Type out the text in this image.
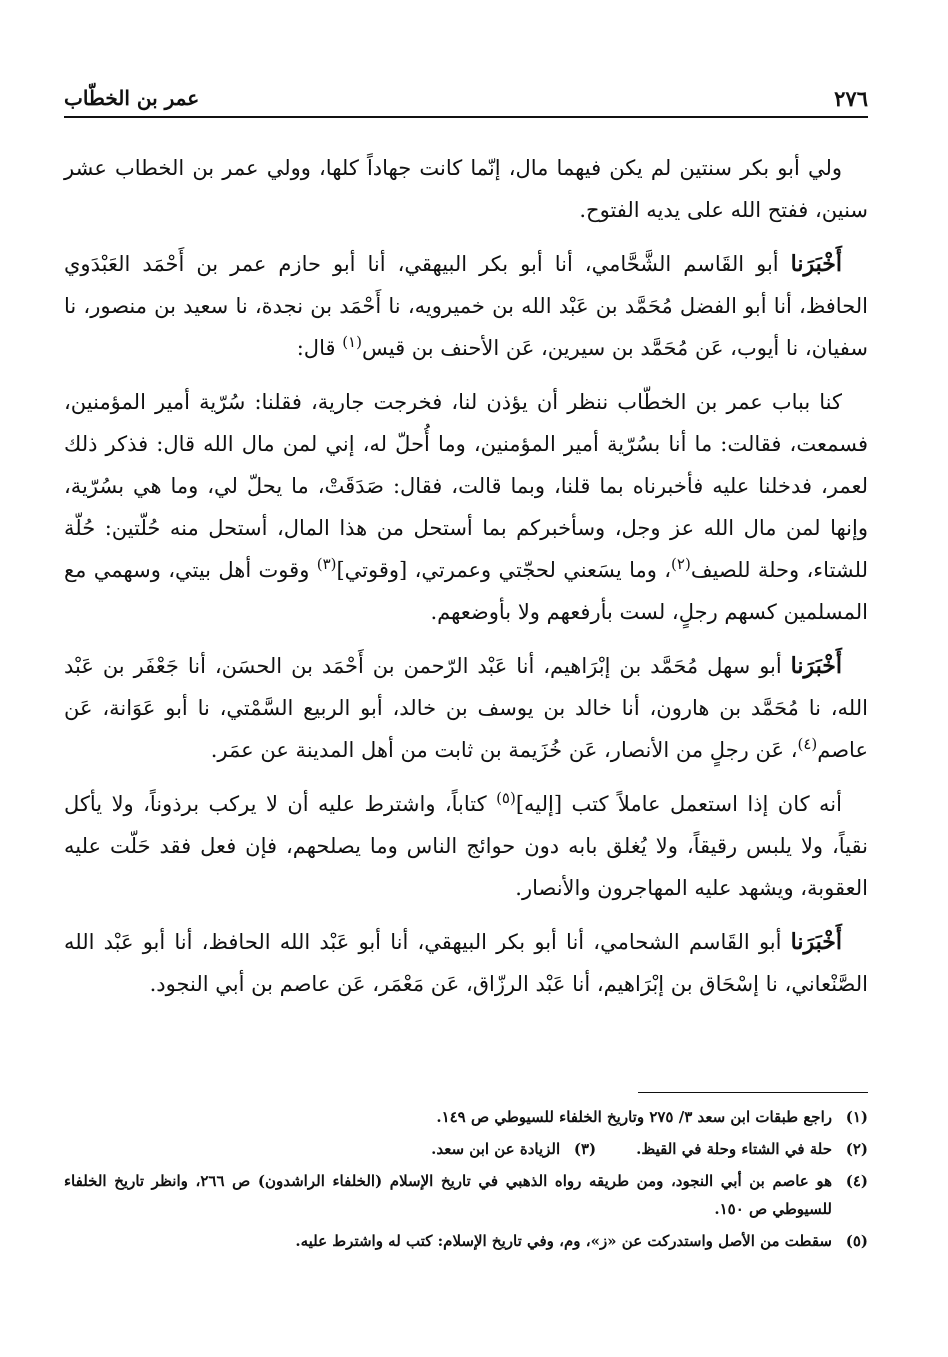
٢٧٦
عمر بن الخطّاب

ولي أبو بكر سنتين لم يكن فيهما مال، إنّما كانت جهاداً كلها، وولي عمر بن الخطاب عشر سنين، ففتح الله على يديه الفتوح.

أَخْبَرَنا أبو القَاسم الشَّحَّامي، أنا أبو بكر البيهقي، أنا أبو حازم عمر بن أَحْمَد العَبْدَوي الحافظ، أنا أبو الفضل مُحَمَّد بن عَبْد الله بن خميرويه، نا أَحْمَد بن نجدة، نا سعيد بن منصور، نا سفيان، نا أيوب، عَن مُحَمَّد بن سيرين، عَن الأحنف بن قيس$^{(١)}$ قال:

كنا بباب عمر بن الخطّاب ننظر أن يؤذن لنا، فخرجت جارية، فقلنا: سُرّية أمير المؤمنين، فسمعت، فقالت: ما أنا بسُرّية أمير المؤمنين، وما أُحلّ له، إني لمن مال الله قال: فذكر ذلك لعمر، فدخلنا عليه فأخبرناه بما قلنا، وبما قالت، فقال: صَدَقَتْ، ما يحلّ لي، وما هي بسُرّية، وإنها لمن مال الله عز وجل، وسأخبركم بما أستحل من هذا المال، أستحل منه حُلّتين: حُلّة للشتاء، وحلة للصيف$^{(٢)}$، وما يسَعني لحجّتي وعمرتي، [وقوتي]$^{(٣)}$ وقوت أهل بيتي، وسهمي مع المسلمين كسهم رجلٍ، لست بأرفعهم ولا بأوضعهم.

أَخْبَرَنا أبو سهل مُحَمَّد بن إبْرَاهيم، أنا عَبْد الرّحمن بن أَحْمَد بن الحسَن، أنا جَعْفَر بن عَبْد الله، نا مُحَمَّد بن هارون، أنا خالد بن يوسف بن خالد، أبو الربيع السَّمْتي، نا أبو عَوَانة، عَن عاصم$^{(٤)}$، عَن رجلٍ من الأنصار، عَن خُزَيمة بن ثابت من أهل المدينة عن عمَر.

أنه كان إذا استعمل عاملاً كتب [إليه]$^{(٥)}$ كتاباً، واشترط عليه أن لا يركب برذوناً، ولا يأكل نقياً، ولا يلبس رقيقاً، ولا يُغلق بابه دون حوائج الناس وما يصلحهم، فإن فعل فقد حَلّت عليه العقوبة، ويشهد عليه المهاجرون والأنصار.

أَخْبَرَنا أبو القَاسم الشحامي، أنا أبو بكر البيهقي، أنا أبو عَبْد الله الحافظ، أنا أبو عَبْد الله الصَّنْعاني، نا إسْحَاق بن إبْرَاهيم، أنا عَبْد الرزّاق، عَن مَعْمَر، عَن عاصم بن أبي النجود.

(١)
راجع طبقات ابن سعد ٣/ ٢٧٥ وتاريخ الخلفاء للسيوطي ص ١٤٩.
(٢)
حلة في الشتاء وحلة في القيظ.
(٣)
الزيادة عن ابن سعد.
(٤)
هو عاصم بن أبي النجود، ومن طريقه رواه الذهبي في تاريخ الإسلام (الخلفاء الراشدون) ص ٢٦٦، وانظر تاريخ الخلفاء للسيوطي ص ١٥٠.
(٥)
سقطت من الأصل واستدركت عن «ز»، وم، وفي تاريخ الإسلام: كتب له واشترط عليه.
